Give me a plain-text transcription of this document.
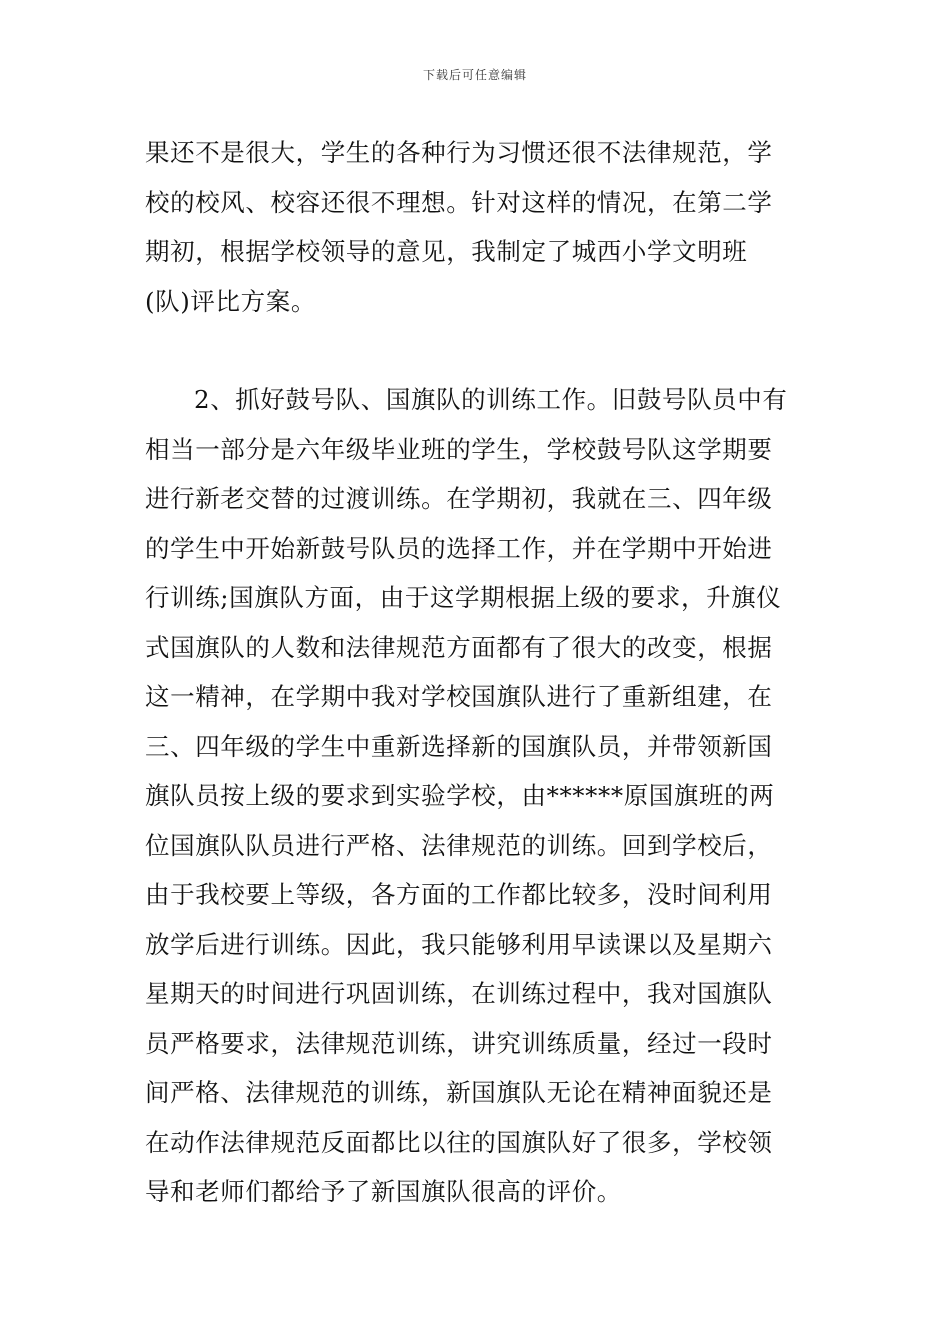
下载后可任意编辑
果还不是很大，学生的各种行为习惯还很不法律规范，学
校的校风、校容还很不理想。针对这样的情况，在第二学
期初，根据学校领导的意见，我制定了城西小学文明班
(队)评比方案。
2、抓好鼓号队、国旗队的训练工作。旧鼓号队员中有
相当一部分是六年级毕业班的学生，学校鼓号队这学期要
进行新老交替的过渡训练。在学期初，我就在三、四年级
的学生中开始新鼓号队员的选择工作，并在学期中开始进
行训练;国旗队方面，由于这学期根据上级的要求，升旗仪
式国旗队的人数和法律规范方面都有了很大的改变，根据
这一精神，在学期中我对学校国旗队进行了重新组建，在
三、四年级的学生中重新选择新的国旗队员，并带领新国
旗队员按上级的要求到实验学校，由******原国旗班的两
位国旗队队员进行严格、法律规范的训练。回到学校后，
由于我校要上等级，各方面的工作都比较多，没时间利用
放学后进行训练。因此，我只能够利用早读课以及星期六
星期天的时间进行巩固训练，在训练过程中，我对国旗队
员严格要求，法律规范训练，讲究训练质量，经过一段时
间严格、法律规范的训练，新国旗队无论在精神面貌还是
在动作法律规范反面都比以往的国旗队好了很多，学校领
导和老师们都给予了新国旗队很高的评价。
